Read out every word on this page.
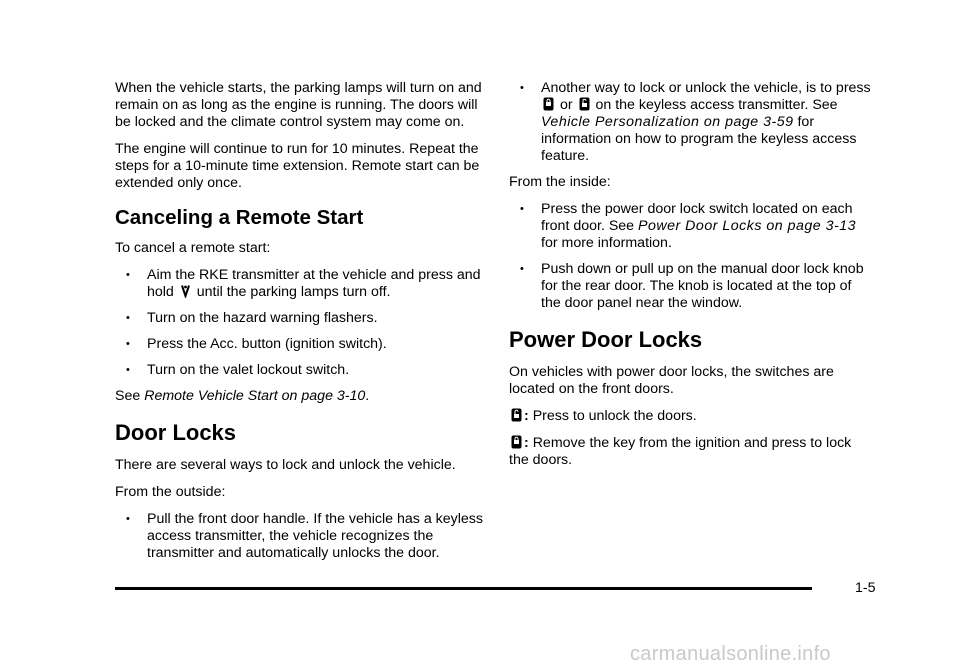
When the vehicle starts, the parking lamps will turn on and remain on as long as the engine is running. The doors will be locked and the climate control system may come on.

The engine will continue to run for 10 minutes. Repeat the steps for a 10-minute time extension. Remote start can be extended only once.

Canceling a Remote Start

To cancel a remote start:

• Aim the RKE transmitter at the vehicle and press and hold until the parking lamps turn off.
• Turn on the hazard warning flashers.
• Press the Acc. button (ignition switch).
• Turn on the valet lockout switch.

See Remote Vehicle Start on page 3-10.

Door Locks

There are several ways to lock and unlock the vehicle.

From the outside:

• Pull the front door handle. If the vehicle has a keyless access transmitter, the vehicle recognizes the transmitter and automatically unlocks the door.
• Another way to lock or unlock the vehicle, is to press  or on the keyless access transmitter. See Vehicle Personalization on page 3-59 for information on how to program the keyless access feature.

From the inside:

• Press the power door lock switch located on each front door. See Power Door Locks on page 3-13 for more information.
• Push down or pull up on the manual door lock knob for the rear door. The knob is located at the top of the door panel near the window.
Power Door Locks

On vehicles with power door locks, the switches are located on the front doors.

: Press to unlock the doors.

: Remove the key from the ignition and press to lock the doors.

1-5
carmanualsonline.info
